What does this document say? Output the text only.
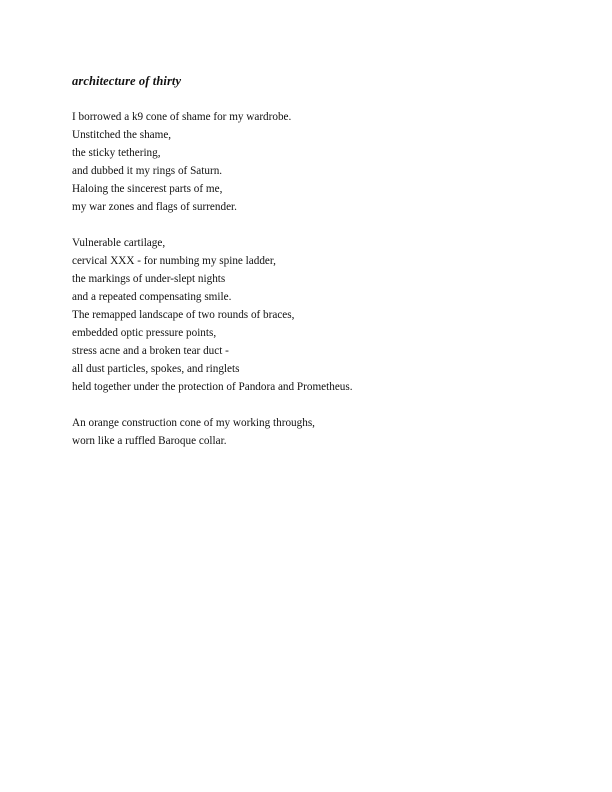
architecture of thirty
I borrowed a k9 cone of shame for my wardrobe.
Unstitched the shame,
the sticky tethering,
and dubbed it my rings of Saturn.
Haloing the sincerest parts of me,
my war zones and flags of surrender.
Vulnerable cartilage,
cervical XXX - for numbing my spine ladder,
the markings of under-slept nights
and a repeated compensating smile.
The remapped landscape of two rounds of braces,
embedded optic pressure points,
stress acne and a broken tear duct -
all dust particles, spokes, and ringlets
held together under the protection of Pandora and Prometheus.
An orange construction cone of my working throughs,
worn like a ruffled Baroque collar.
